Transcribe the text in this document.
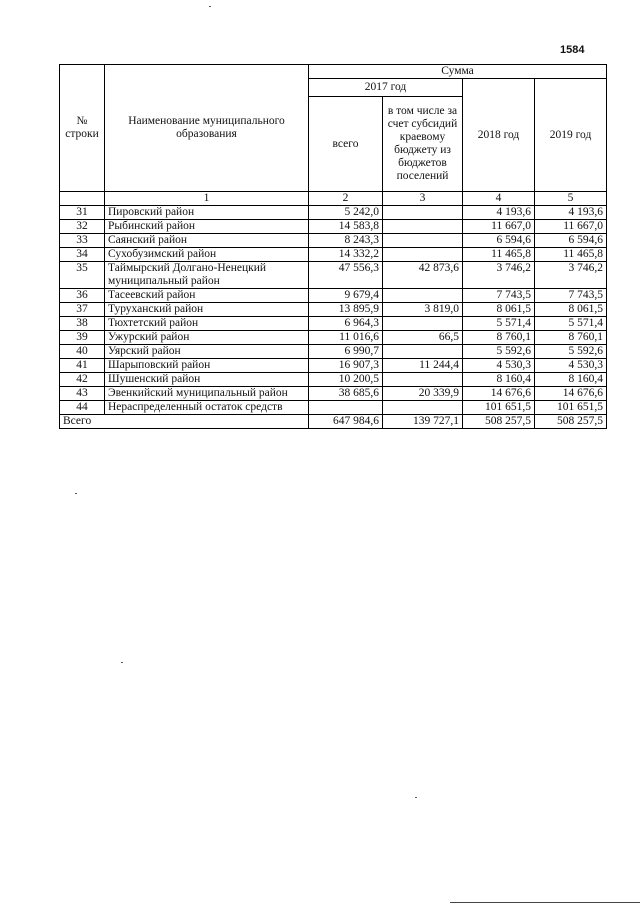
1584
№ строки	Наименование муниципального образования	Сумма			
		2017 год		2018 год	2019 год
		всего	в том числе за счет субсидий краевому бюджету из бюджетов поселений		
	1	2	3	4	5
31	Пировский район	5 242,0		4 193,6	4 193,6
32	Рыбинский район	14 583,8		11 667,0	11 667,0
33	Саянский район	8 243,3		6 594,6	6 594,6
34	Сухобузимский район	14 332,2		11 465,8	11 465,8
35	Таймырский Долгано-Ненецкий муниципальный район	47 556,3	42 873,6	3 746,2	3 746,2
36	Тасеевский район	9 679,4		7 743,5	7 743,5
37	Туруханский район	13 895,9	3 819,0	8 061,5	8 061,5
38	Тюхтетский район	6 964,3		5 571,4	5 571,4
39	Ужурский район	11 016,6	66,5	8 760,1	8 760,1
40	Уярский район	6 990,7		5 592,6	5 592,6
41	Шарыповский район	16 907,3	11 244,4	4 530,3	4 530,3
42	Шушенский район	10 200,5		8 160,4	8 160,4
43	Эвенкийский муниципальный район	38 685,6	20 339,9	14 676,6	14 676,6
44	Нераспределенный остаток средств			101 651,5	101 651,5
Всего		647 984,6	139 727,1	508 257,5	508 257,5
